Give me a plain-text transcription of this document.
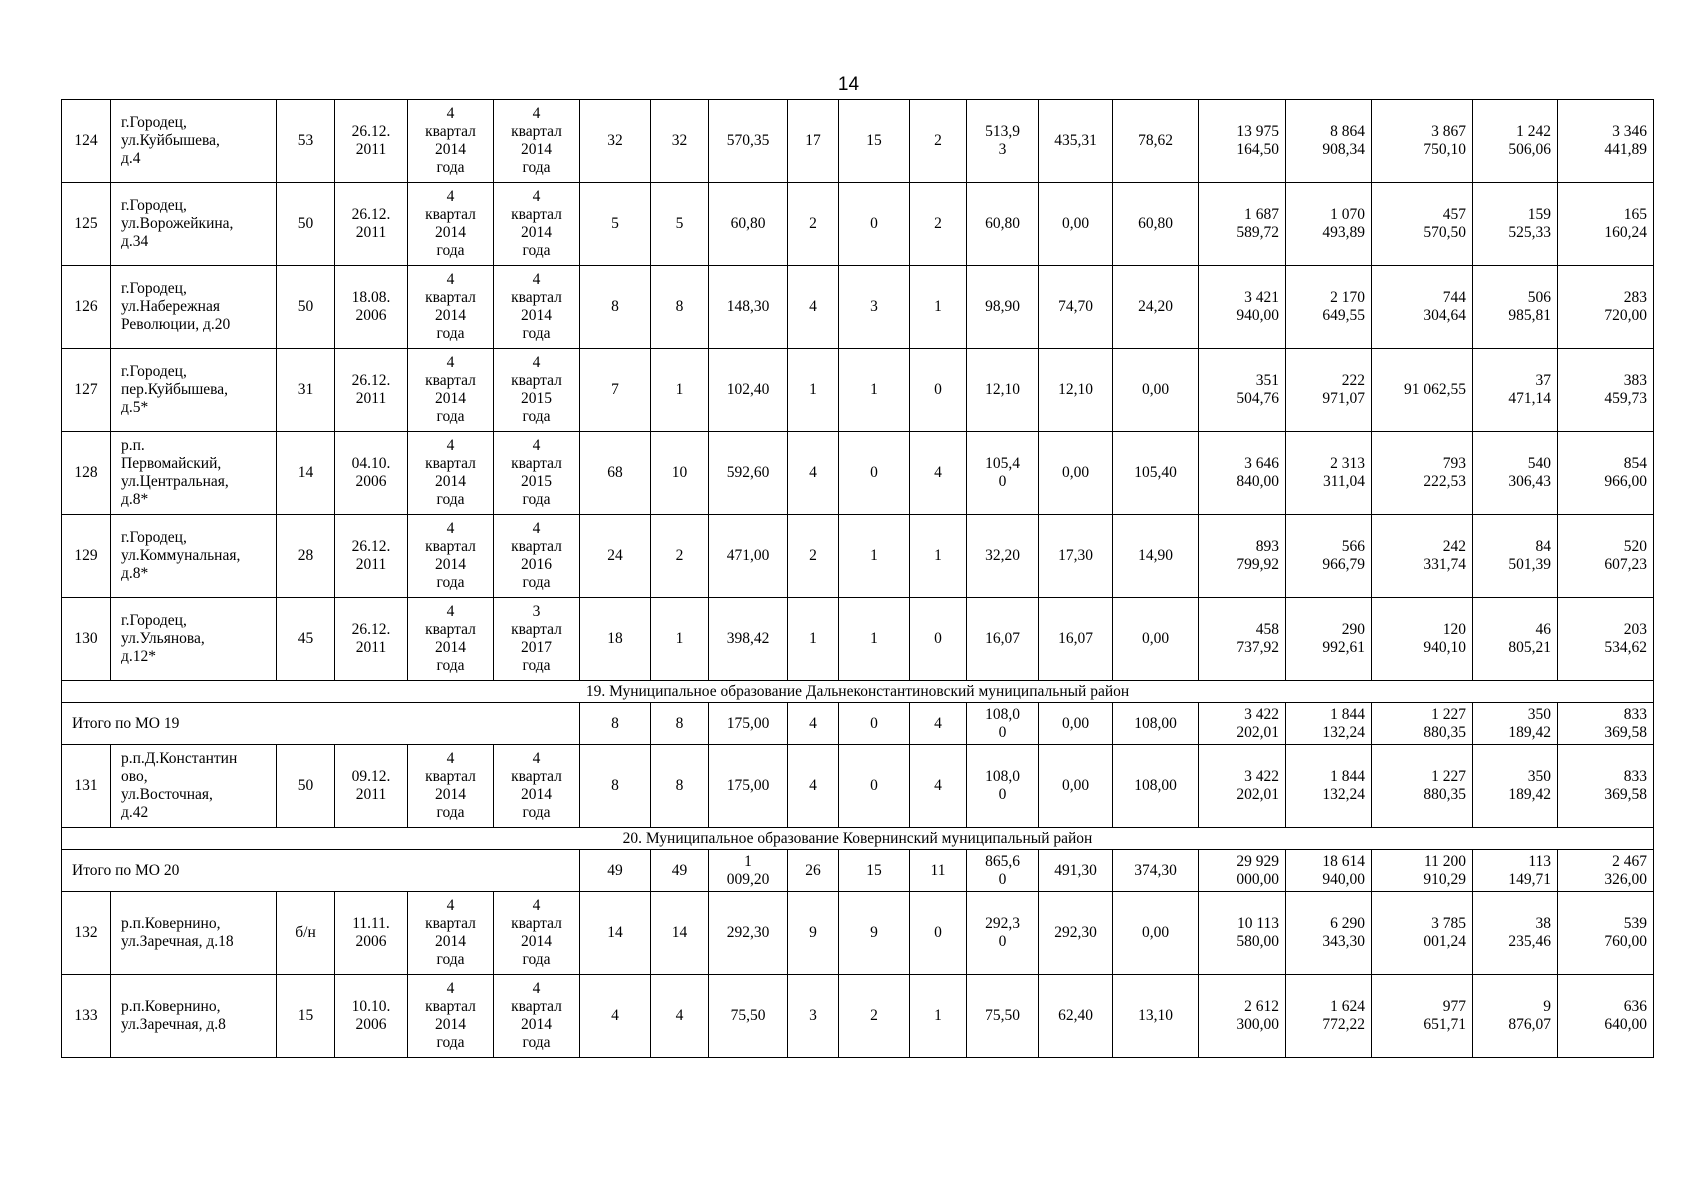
14
124	г.Городец,
ул.Куйбышева,
д.4	53	26.12.
2011	4
квартал
2014
года	4
квартал
2014
года	32	32	570,35	17	15	2	513,9
3	435,31	78,62	13 975
164,50	8 864
908,34	3 867
750,10	1 242
506,06	3 346
441,89
125	г.Городец,
ул.Ворожейкина,
д.34	50	26.12.
2011	4
квартал
2014
года	4
квартал
2014
года	5	5	60,80	2	0	2	60,80	0,00	60,80	1 687
589,72	1 070
493,89	457
570,50	159
525,33	165
160,24
126	г.Городец,
ул.Набережная
Революции, д.20	50	18.08.
2006	4
квартал
2014
года	4
квартал
2014
года	8	8	148,30	4	3	1	98,90	74,70	24,20	3 421
940,00	2 170
649,55	744
304,64	506
985,81	283
720,00
127	г.Городец,
пер.Куйбышева,
д.5*	31	26.12.
2011	4
квартал
2014
года	4
квартал
2015
года	7	1	102,40	1	1	0	12,10	12,10	0,00	351
504,76	222
971,07	91 062,55	37
471,14	383
459,73
128	р.п.
Первомайский,
ул.Центральная,
д.8*	14	04.10.
2006	4
квартал
2014
года	4
квартал
2015
года	68	10	592,60	4	0	4	105,4
0	0,00	105,40	3 646
840,00	2 313
311,04	793
222,53	540
306,43	854
966,00
129	г.Городец,
ул.Коммунальная,
д.8*	28	26.12.
2011	4
квартал
2014
года	4
квартал
2016
года	24	2	471,00	2	1	1	32,20	17,30	14,90	893
799,92	566
966,79	242
331,74	84
501,39	520
607,23
130	г.Городец,
ул.Ульянова,
д.12*	45	26.12.
2011	4
квартал
2014
года	3
квартал
2017
года	18	1	398,42	1	1	0	16,07	16,07	0,00	458
737,92	290
992,61	120
940,10	46
805,21	203
534,62
19. Муниципальное образование Дальнеконстантиновский муниципальный район																			
Итого по МО 19						8	8	175,00	4	0	4	108,0
0	0,00	108,00	3 422
202,01	1 844
132,24	1 227
880,35	350
189,42	833
369,58
131	р.п.Д.Константин
ово,
ул.Восточная,
д.42	50	09.12.
2011	4
квартал
2014
года	4
квартал
2014
года	8	8	175,00	4	0	4	108,0
0	0,00	108,00	3 422
202,01	1 844
132,24	1 227
880,35	350
189,42	833
369,58
20. Муниципальное образование Ковернинский муниципальный район																			
Итого по МО 20						49	49	1
009,20	26	15	11	865,6
0	491,30	374,30	29 929
000,00	18 614
940,00	11 200
910,29	113
149,71	2 467
326,00
132	р.п.Ковернино,
ул.Заречная, д.18	б/н	11.11.
2006	4
квартал
2014
года	4
квартал
2014
года	14	14	292,30	9	9	0	292,3
0	292,30	0,00	10 113
580,00	6 290
343,30	3 785
001,24	38
235,46	539
760,00
133	р.п.Ковернино,
ул.Заречная, д.8	15	10.10.
2006	4
квартал
2014
года	4
квартал
2014
года	4	4	75,50	3	2	1	75,50	62,40	13,10	2 612
300,00	1 624
772,22	977
651,71	9
876,07	636
640,00
